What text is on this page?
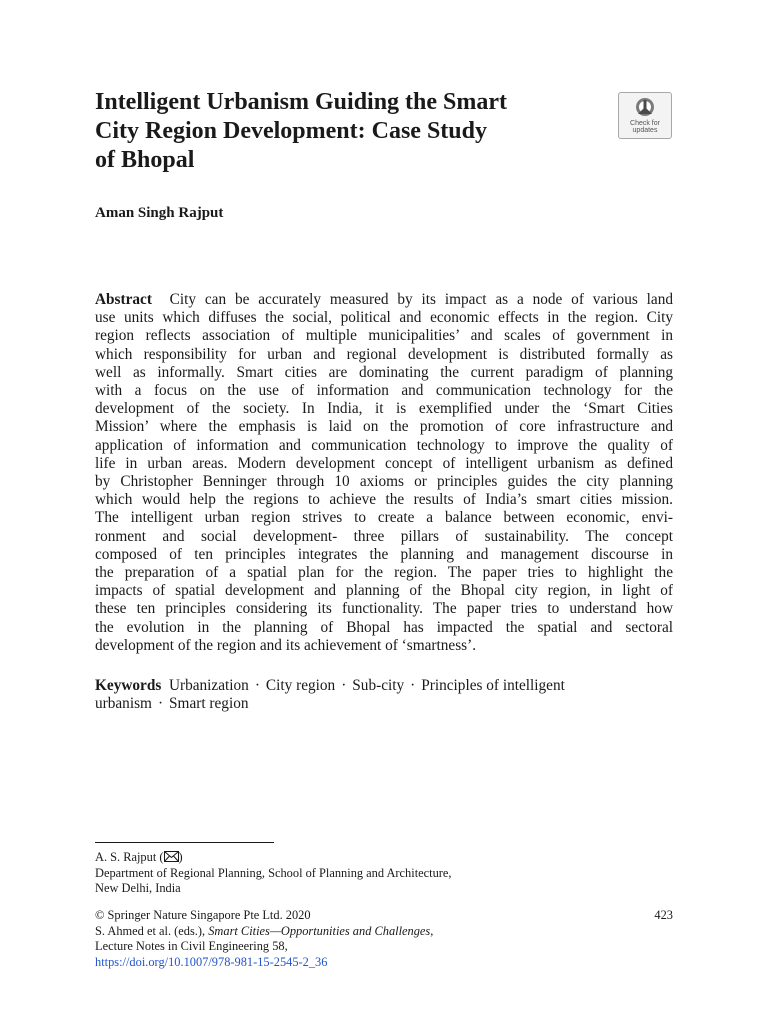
Intelligent Urbanism Guiding the Smart
City Region Development: Case Study
of Bhopal
Check for
updates

Aman Singh Rajput

Abstract City can be accurately measured by its impact as a node of various land
use units which diffuses the social, political and economic effects in the region. City
region reflects association of multiple municipalities’ and scales of government in
which responsibility for urban and regional development is distributed formally as
well as informally. Smart cities are dominating the current paradigm of planning
with a focus on the use of information and communication technology for the
development of the society. In India, it is exemplified under the ‘Smart Cities
Mission’ where the emphasis is laid on the promotion of core infrastructure and
application of information and communication technology to improve the quality of
life in urban areas. Modern development concept of intelligent urbanism as defined
by Christopher Benninger through 10 axioms or principles guides the city planning
which would help the regions to achieve the results of India’s smart cities mission.
The intelligent urban region strives to create a balance between economic, envi-
ronment and social development- three pillars of sustainability. The concept
composed of ten principles integrates the planning and management discourse in
the preparation of a spatial plan for the region. The paper tries to highlight the
impacts of spatial development and planning of the Bhopal city region, in light of
these ten principles considering its functionality. The paper tries to understand how
the evolution in the planning of Bhopal has impacted the spatial and sectoral
development of the region and its achievement of ‘smartness’.
Keywords Urbanization · City region · Sub-city · Principles of intelligent
urbanism · Smart region
A. S. Rajput ( )
Department of Regional Planning, School of Planning and Architecture,
New Delhi, India
© Springer Nature Singapore Pte Ltd. 2020
S. Ahmed et al. (eds.), Smart Cities—Opportunities and Challenges,
Lecture Notes in Civil Engineering 58,
https://doi.org/10.1007/978-981-15-2545-2_36
423
